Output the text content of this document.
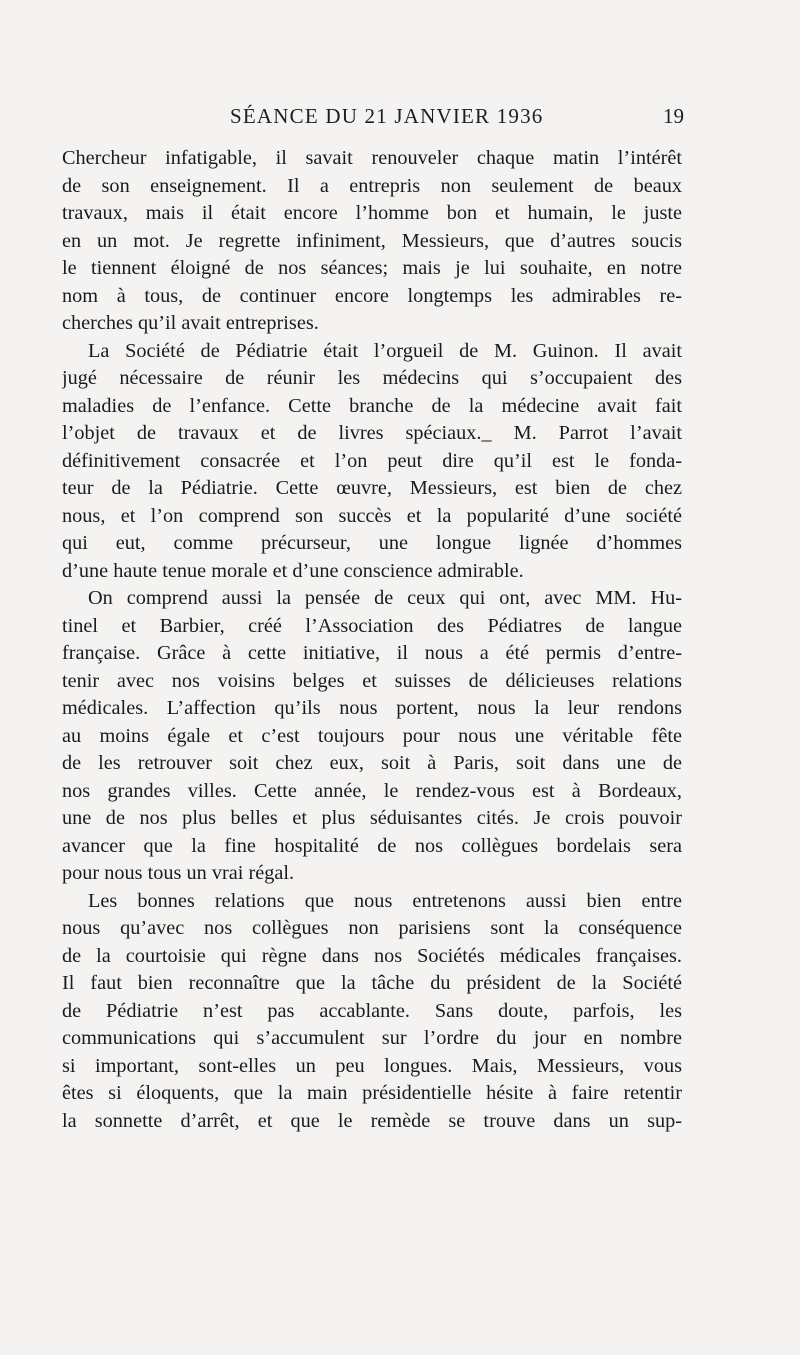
SÉANCE DU 21 JANVIER 1936	19
Chercheur infatigable, il savait renouveler chaque matin l’intérêt
de son enseignement. Il a entrepris non seulement de beaux
travaux, mais il était encore l’homme bon et humain, le juste
en un mot. Je regrette infiniment, Messieurs, que d’autres soucis
le tiennent éloigné de nos séances; mais je lui souhaite, en notre
nom à tous, de continuer encore longtemps les admirables re-
cherches qu’il avait entreprises.
La Société de Pédiatrie était l’orgueil de M. Guinon. Il avait
jugé nécessaire de réunir les médecins qui s’occupaient des
maladies de l’enfance. Cette branche de la médecine avait fait
l’objet de travaux et de livres spéciaux._ M. Parrot l’avait
définitivement consacrée et l’on peut dire qu’il est le fonda-
teur de la Pédiatrie. Cette œuvre, Messieurs, est bien de chez
nous, et l’on comprend son succès et la popularité d’une société
qui eut, comme précurseur, une longue lignée d’hommes
d’une haute tenue morale et d’une conscience admirable.
On comprend aussi la pensée de ceux qui ont, avec MM. Hu-
tinel et Barbier, créé l’Association des Pédiatres de langue
française. Grâce à cette initiative, il nous a été permis d’entre-
tenir avec nos voisins belges et suisses de délicieuses relations
médicales. L’affection qu’ils nous portent, nous la leur rendons
au moins égale et c’est toujours pour nous une véritable fête
de les retrouver soit chez eux, soit à Paris, soit dans une de
nos grandes villes. Cette année, le rendez-vous est à Bordeaux,
une de nos plus belles et plus séduisantes cités. Je crois pouvoir
avancer que la fine hospitalité de nos collègues bordelais sera
pour nous tous un vrai régal.
Les bonnes relations que nous entretenons aussi bien entre
nous qu’avec nos collègues non parisiens sont la conséquence
de la courtoisie qui règne dans nos Sociétés médicales françaises.
Il faut bien reconnaître que la tâche du président de la Société
de Pédiatrie n’est pas accablante. Sans doute, parfois, les
communications qui s’accumulent sur l’ordre du jour en nombre
si important, sont-elles un peu longues. Mais, Messieurs, vous
êtes si éloquents, que la main présidentielle hésite à faire retentir
la sonnette d’arrêt, et que le remède se trouve dans un sup-
